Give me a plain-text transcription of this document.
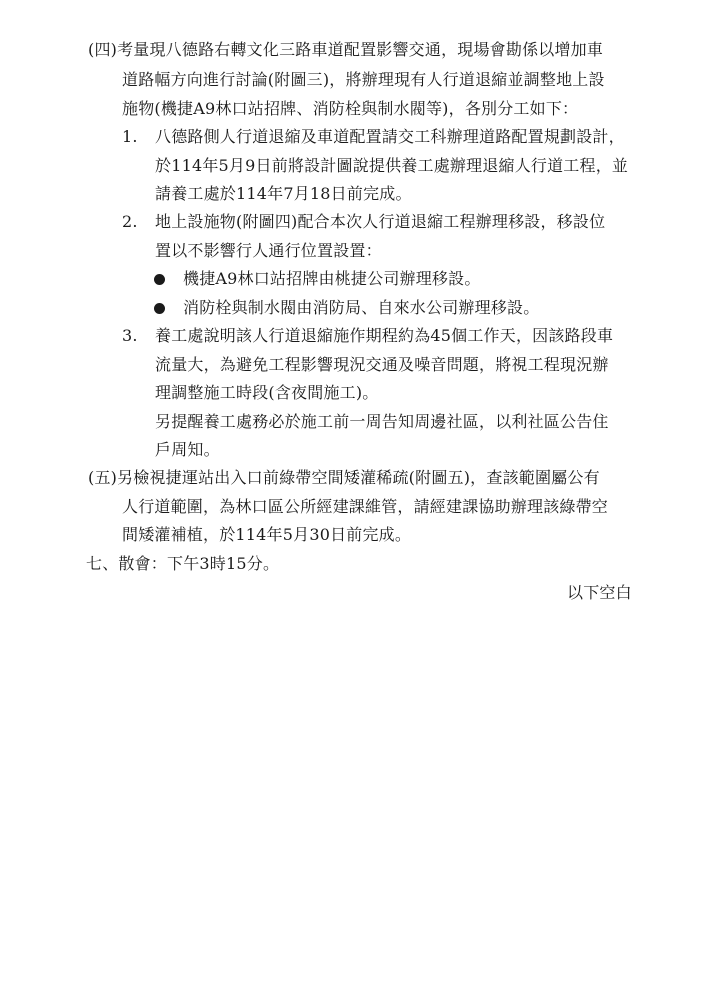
(四)考量現八德路右轉文化三路車道配置影響交通，現場會勘係以增加車
道路幅方向進行討論(附圖三)，將辦理現有人行道退縮並調整地上設
施物(機捷A9林口站招牌、消防栓與制水閥等)，各別分工如下：
1. 八德路側人行道退縮及車道配置請交工科辦理道路配置規劃設計，
於114年5月9日前將設計圖說提供養工處辦理退縮人行道工程，並
請養工處於114年7月18日前完成。
2. 地上設施物(附圖四)配合本次人行道退縮工程辦理移設，移設位
置以不影響行人通行位置設置：
機捷A9林口站招牌由桃捷公司辦理移設。
消防栓與制水閥由消防局、自來水公司辦理移設。
3. 養工處說明該人行道退縮施作期程約為45個工作天，因該路段車
流量大，為避免工程影響現況交通及噪音問題，將視工程現況辦
理調整施工時段(含夜間施工)。
另提醒養工處務必於施工前一周告知周邊社區，以利社區公告住
戶周知。
(五)另檢視捷運站出入口前綠帶空間矮灌稀疏(附圖五)，查該範圍屬公有
人行道範圍，為林口區公所經建課維管，請經建課協助辦理該綠帶空
間矮灌補植，於114年5月30日前完成。
七、散會：下午3時15分。
以下空白
